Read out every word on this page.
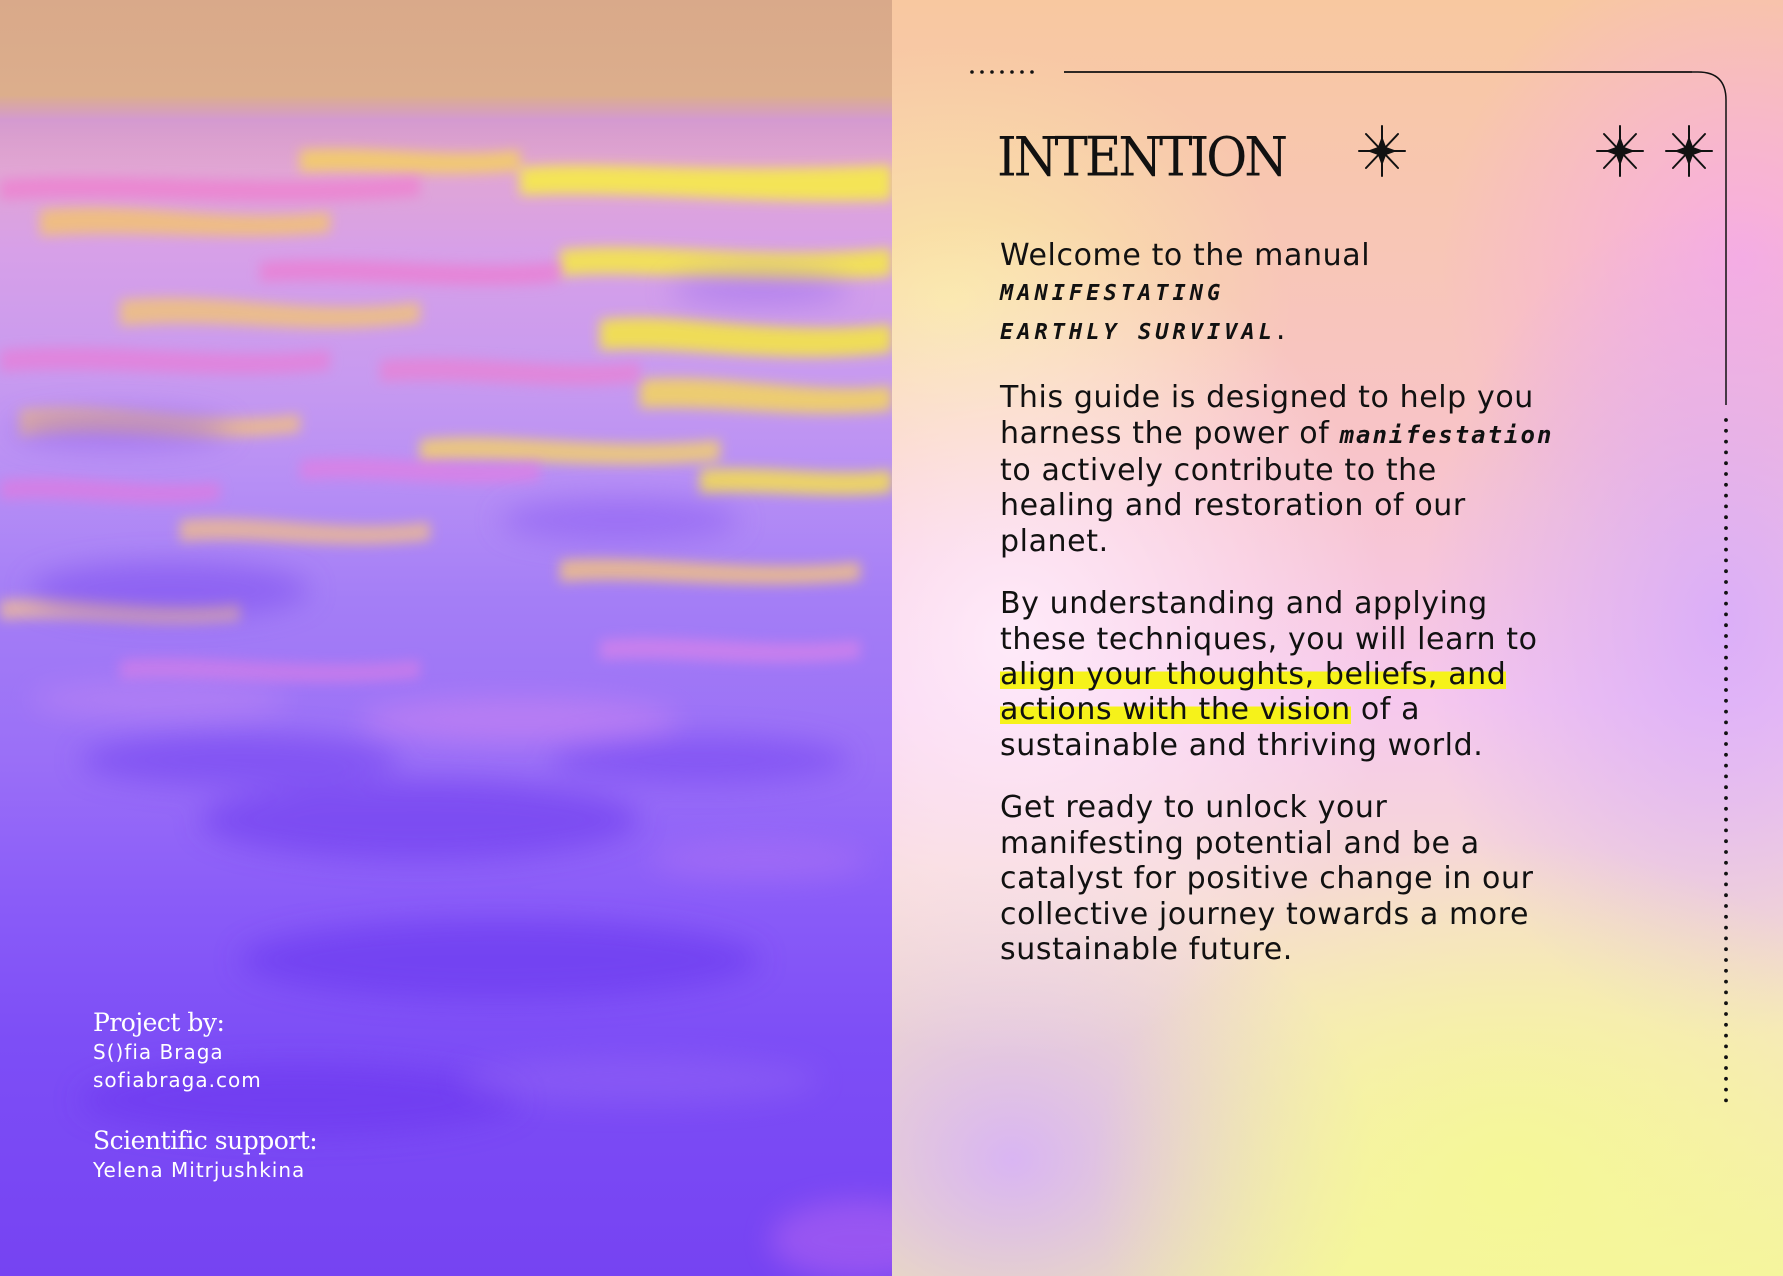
Project by:

S()fia Braga

sofiabraga.com

Scientific support:

Yelena Mitrjushkina

INTENTION

Welcome to the manual
MANIFESTATING
EARTHLY SURVIVAL.

This guide is designed to help you harness the power of manifestation to actively contribute to the healing and restoration of our planet.

By understanding and applying these techniques, you will learn to align your thoughts, beliefs, and actions with the vision of a sustainable and thriving world.

Get ready to unlock your manifesting potential and be a catalyst for positive change in our collective journey towards a more sustainable future.
